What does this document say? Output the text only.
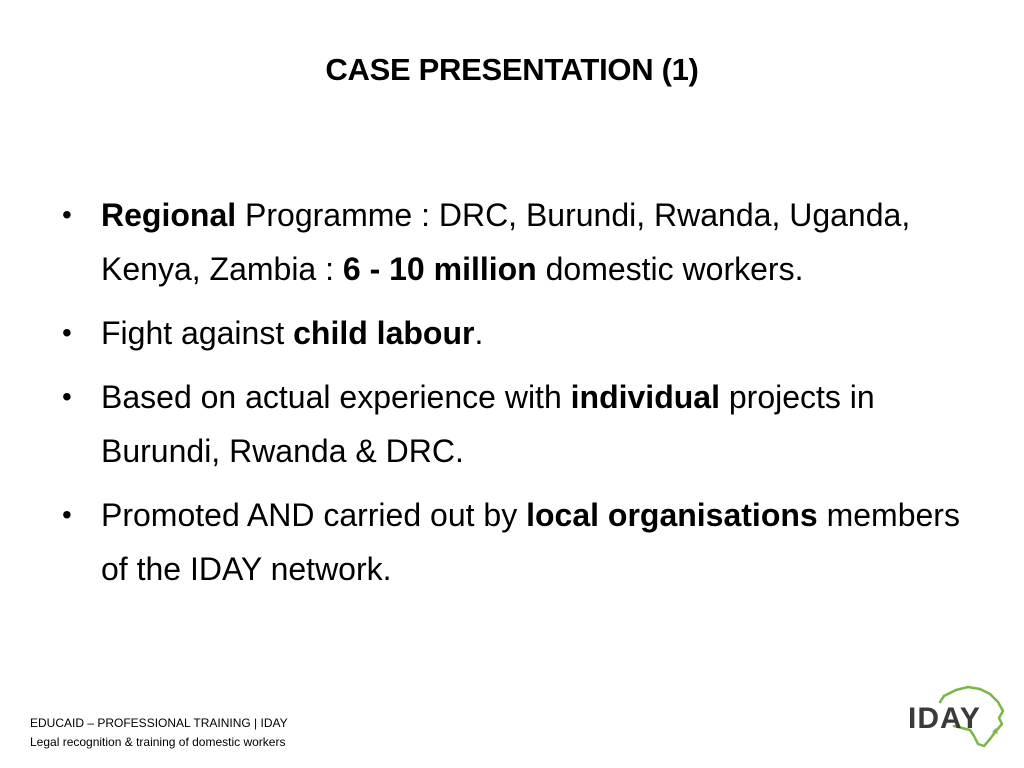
CASE PRESENTATION (1)
• Regional Programme : DRC, Burundi, Rwanda, Uganda, Kenya, Zambia : 6 - 10 million domestic workers.
• Fight against child labour.
• Based on actual experience with individual projects in Burundi, Rwanda & DRC.
• Promoted AND carried out by local organisations members of the IDAY network.
EDUCAID – PROFESSIONAL TRAINING | IDAY
Legal recognition & training of domestic workers
IDAY
